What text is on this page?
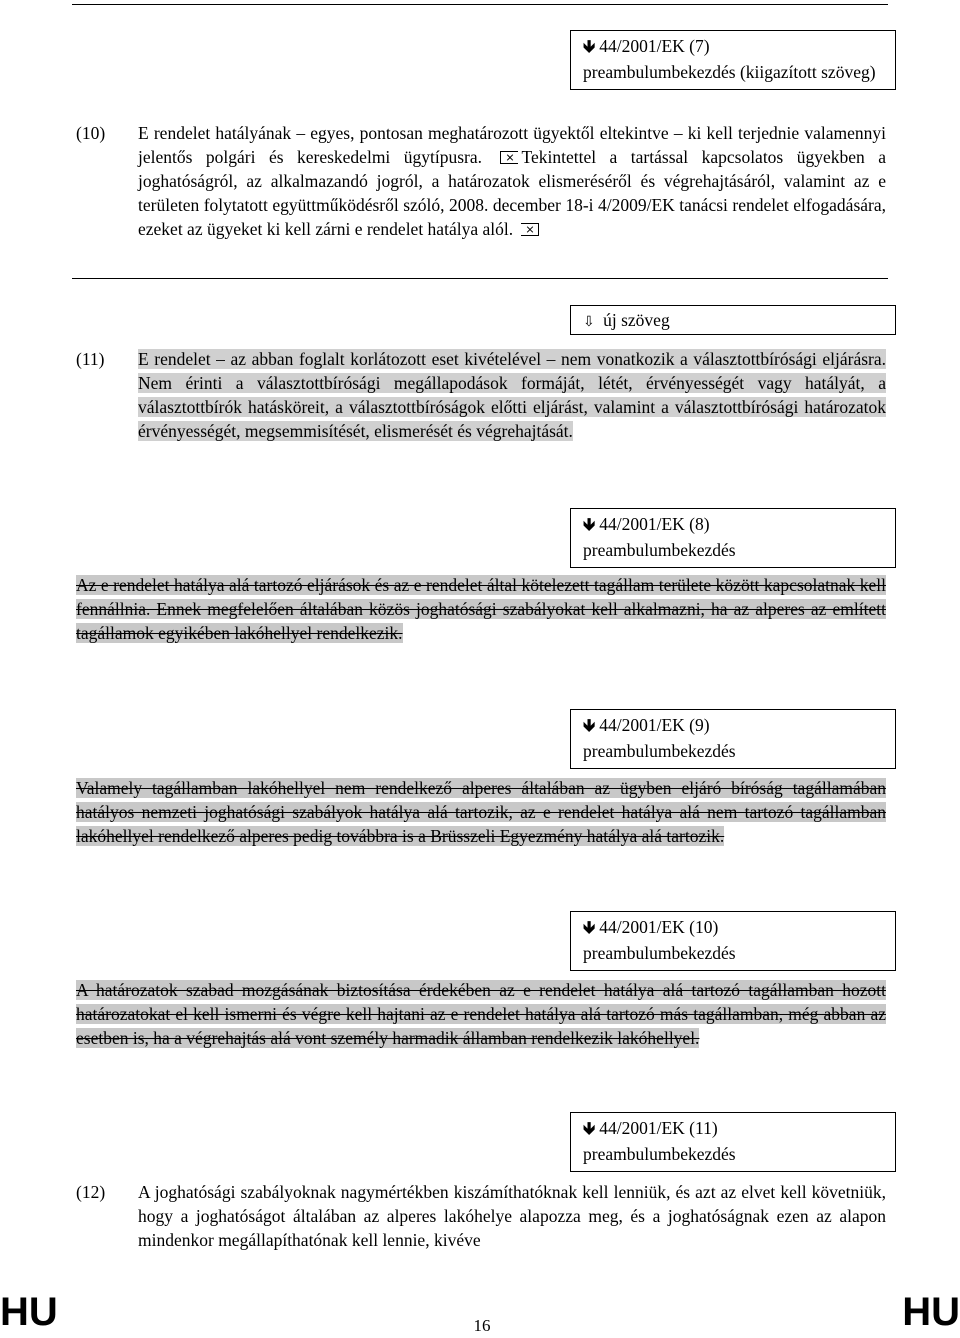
🡻 44/2001/EK (7)
preambulumbekezdés (kiigazított szöveg)
(10) E rendelet hatályának – egyes, pontosan meghatározott ügyektől eltekintve – ki kell terjednie valamennyi jelentős polgári és kereskedelmi ügytípusra. Tekintettel a tartással kapcsolatos ügyekben a joghatóságról, az alkalmazandó jogról, a határozatok elismeréséről és végrehajtásáról, valamint az e területen folytatott együttműködésről szóló, 2008. december 18-i 4/2009/EK tanácsi rendelet elfogadására, ezeket az ügyeket ki kell zárni e rendelet hatálya alól.
⇩ új szöveg
(11) E rendelet – az abban foglalt korlátozott eset kivételével – nem vonatkozik a választottbírósági eljárásra. Nem érinti a választottbírósági megállapodások formáját, létét, érvényességét vagy hatályát, a választottbírók hatásköreit, a választottbíróságok előtti eljárást, valamint a választottbírósági határozatok érvényességét, megsemmisítését, elismerését és végrehajtását.
🡻 44/2001/EK (8)
preambulumbekezdés
Az e rendelet hatálya alá tartozó eljárások és az e rendelet által kötelezett tagállam területe között kapcsolatnak kell fennállnia. Ennek megfelelően általában közös joghatósági szabályokat kell alkalmazni, ha az alperes az említett tagállamok egyikében lakóhellyel rendelkezik.
🡻 44/2001/EK (9)
preambulumbekezdés
Valamely tagállamban lakóhellyel nem rendelkező alperes általában az ügyben eljáró bíróság tagállamában hatályos nemzeti joghatósági szabályok hatálya alá tartozik, az e rendelet hatálya alá nem tartozó tagállamban lakóhellyel rendelkező alperes pedig továbbra is a Brüsszeli Egyezmény hatálya alá tartozik.
🡻 44/2001/EK (10)
preambulumbekezdés
A határozatok szabad mozgásának biztosítása érdekében az e rendelet hatálya alá tartozó tagállamban hozott határozatokat el kell ismerni és végre kell hajtani az e rendelet hatálya alá tartozó más tagállamban, még abban az esetben is, ha a végrehajtás alá vont személy harmadik államban rendelkezik lakóhellyel.
🡻 44/2001/EK (11)
preambulumbekezdés
(12) A joghatósági szabályoknak nagymértékben kiszámíthatóknak kell lenniük, és azt az elvet kell követniük, hogy a joghatóságot általában az alperes lakóhelye alapozza meg, és a joghatóságnak ezen az alapon mindenkor megállapíthatónak kell lennie, kivéve
HU	16	HU
